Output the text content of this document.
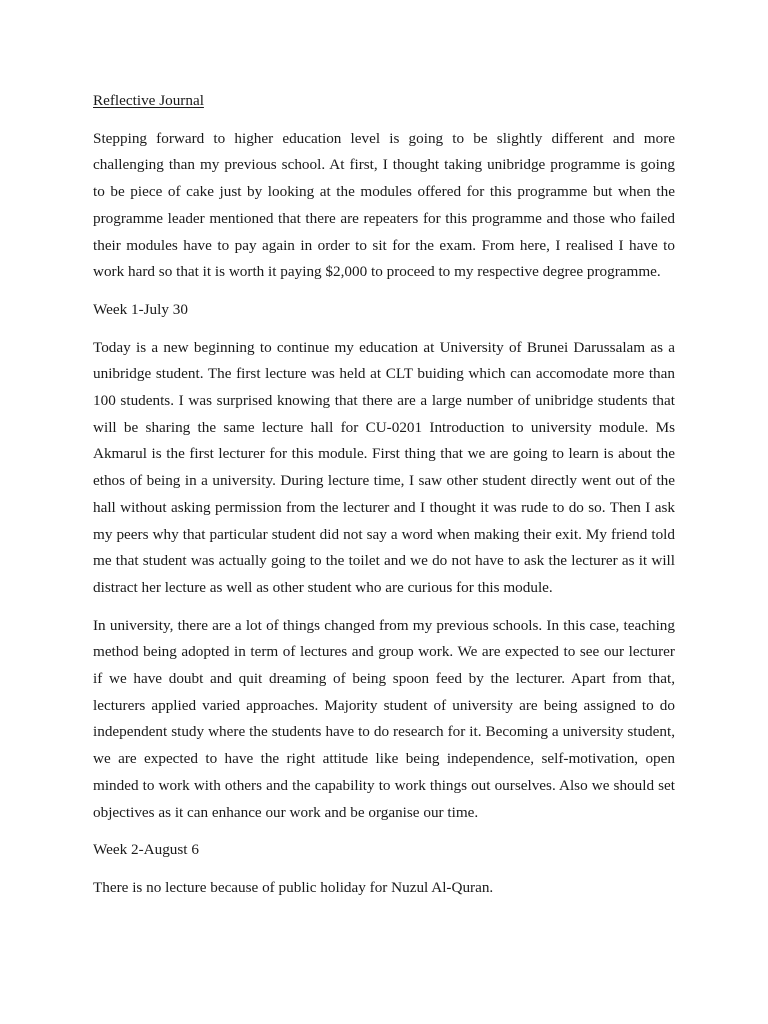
Reflective Journal

Stepping forward to higher education level is going to be slightly different and more challenging than my previous school. At first, I thought taking unibridge programme is going to be piece of cake just by looking at the modules offered for this programme but when the programme leader mentioned that there are repeaters for this programme and those who failed their modules have to pay again in order to sit for the exam. From here, I realised I have to work hard so that it is worth it paying $2,000 to proceed to my respective degree programme.

Week 1-July 30

Today is a new beginning to continue my education at University of Brunei Darussalam as a unibridge student. The first lecture was held at CLT buiding which can accomodate more than 100 students. I was surprised knowing that there are a large number of unibridge students that will be sharing the same lecture hall for CU-0201 Introduction to university module. Ms Akmarul is the first lecturer for this module. First thing that we are going to learn is about the ethos of being in a university. During lecture time, I saw other student directly went out of the hall without asking permission from the lecturer and I thought it was rude to do so. Then I ask my peers why that particular student did not say a word when making their exit. My friend told me that student was actually going to the toilet and we do not have to ask the lecturer as it will distract her lecture as well as other student who are curious for this module.

In university, there are a lot of things changed from my previous schools. In this case, teaching method being adopted in term of lectures and group work. We are expected to see our lecturer if we have doubt and quit dreaming of being spoon feed by the lecturer. Apart from that, lecturers applied varied approaches. Majority student of university are being assigned to do independent study where the students have to do research for it. Becoming a university student, we are expected to have the right attitude like being independence, self-motivation, open minded to work with others and the capability to work things out ourselves. Also we should set objectives as it can enhance our work and be organise our time.

Week 2-August 6

There is no lecture because of public holiday for Nuzul Al-Quran.
